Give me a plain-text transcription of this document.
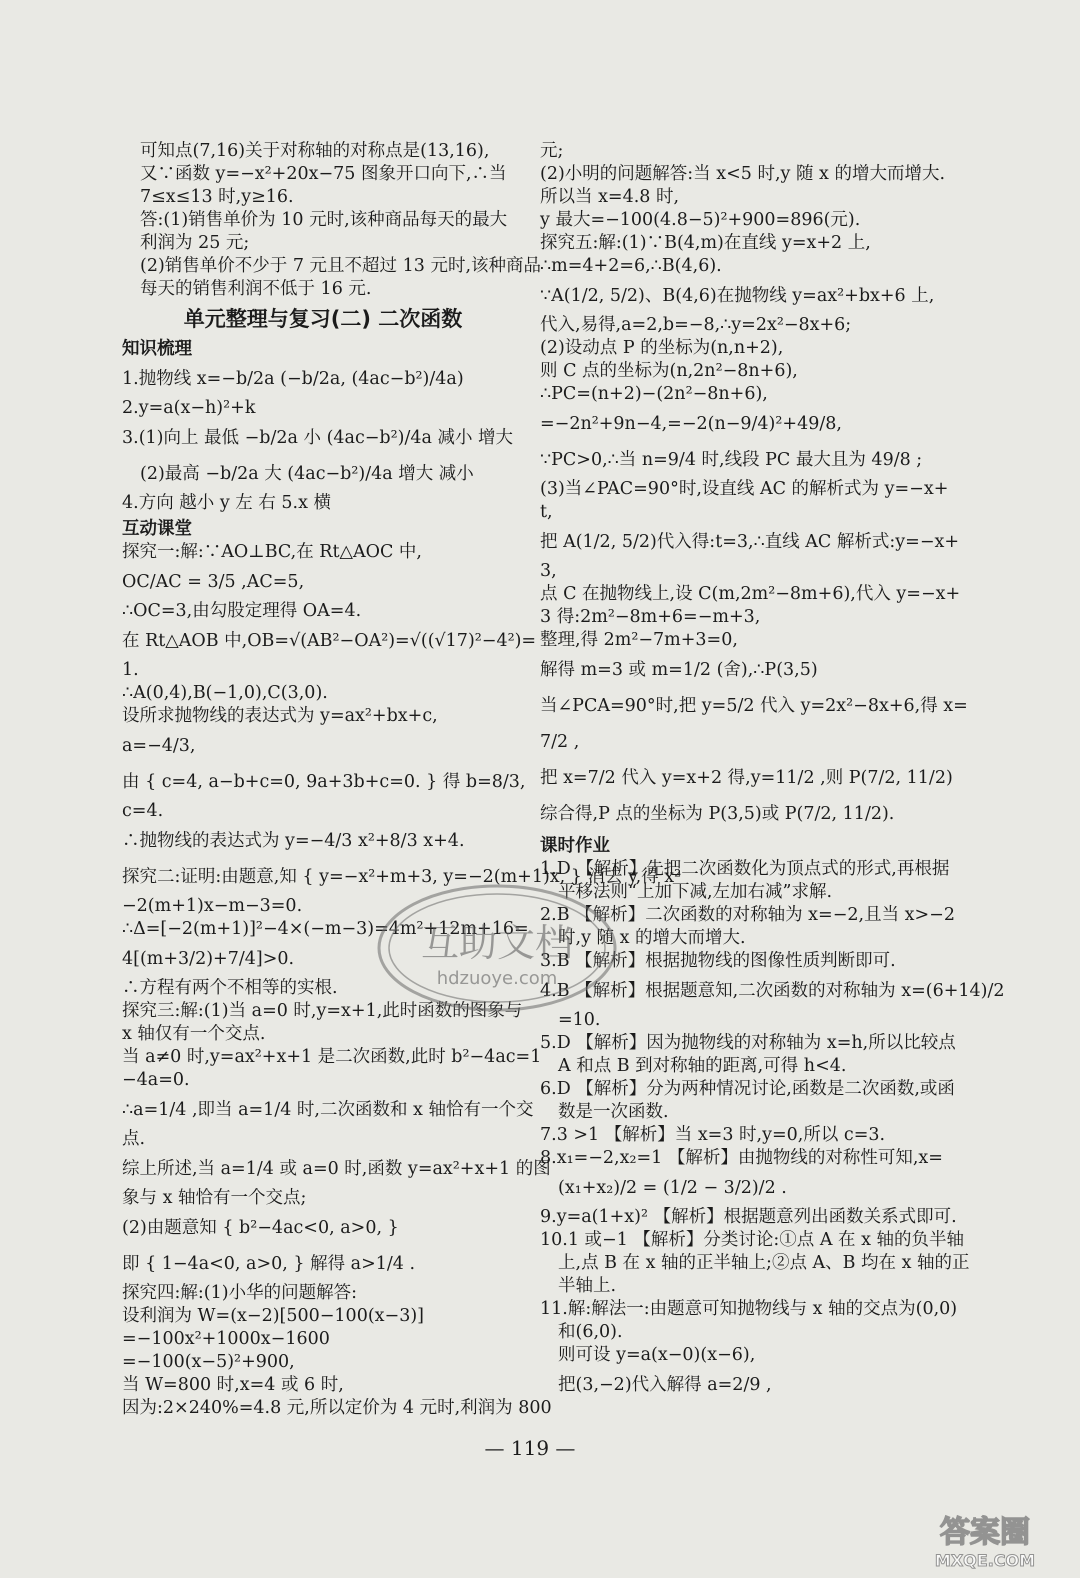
可知点(7,16)关于对称轴的对称点是(13,16),
又∵函数 y=−x²+20x−75 图象开口向下,∴当
7≤x≤13 时,y≥16.
答:(1)销售单价为 10 元时,该种商品每天的最大
利润为 25 元;
(2)销售单价不少于 7 元且不超过 13 元时,该种商品
每天的销售利润不低于 16 元.
单元整理与复习(二) 二次函数
知识梳理
1.抛物线 x=−b/2a (−b/2a, (4ac−b²)/4a)
2.y=a(x−h)²+k
3.(1)向上 最低 −b/2a 小 (4ac−b²)/4a 减小 增大
(2)最高 −b/2a 大 (4ac−b²)/4a 增大 减小
4.方向 越小 y 左 右 5.x 横
互动课堂
探究一:解:∵AO⊥BC,在 Rt△AOC 中,
OC/AC = 3/5 ,AC=5,
∴OC=3,由勾股定理得 OA=4.
在 Rt△AOB 中,OB=√(AB²−OA²)=√((√17)²−4²)=
1.
∴A(0,4),B(−1,0),C(3,0).
设所求抛物线的表达式为 y=ax²+bx+c,
a=−4/3,
由 { c=4, a−b+c=0, 9a+3b+c=0. } 得 b=8/3,
c=4.
∴抛物线的表达式为 y=−4/3 x²+8/3 x+4.
探究二:证明:由题意,知 { y=−x²+m+3, y=−2(m+1)x, } 消去 y,得 x²
−2(m+1)x−m−3=0.
∴Δ=[−2(m+1)]²−4×(−m−3)=4m²+12m+16=
4[(m+3/2)+7/4]>0.
∴方程有两个不相等的实根.
探究三:解:(1)当 a=0 时,y=x+1,此时函数的图象与
x 轴仅有一个交点.
当 a≠0 时,y=ax²+x+1 是二次函数,此时 b²−4ac=1
−4a=0.
∴a=1/4 ,即当 a=1/4 时,二次函数和 x 轴恰有一个交
点.
综上所述,当 a=1/4 或 a=0 时,函数 y=ax²+x+1 的图
象与 x 轴恰有一个交点;
(2)由题意知 { b²−4ac<0, a>0, }
即 { 1−4a<0, a>0, } 解得 a>1/4 .
探究四:解:(1)小华的问题解答:
设利润为 W=(x−2)[500−100(x−3)]
=−100x²+1000x−1600
=−100(x−5)²+900,
当 W=800 时,x=4 或 6 时,
因为:2×240%=4.8 元,所以定价为 4 元时,利润为 800
元;
(2)小明的问题解答:当 x<5 时,y 随 x 的增大而增大.
所以当 x=4.8 时,
y 最大=−100(4.8−5)²+900=896(元).
探究五:解:(1)∵B(4,m)在直线 y=x+2 上,
∴m=4+2=6,∴B(4,6).
∵A(1/2, 5/2)、B(4,6)在抛物线 y=ax²+bx+6 上,
代入,易得,a=2,b=−8,∴y=2x²−8x+6;
(2)设动点 P 的坐标为(n,n+2),
则 C 点的坐标为(n,2n²−8n+6),
∴PC=(n+2)−(2n²−8n+6),
=−2n²+9n−4,=−2(n−9/4)²+49/8,
∵PC>0,∴当 n=9/4 时,线段 PC 最大且为 49/8 ;
(3)当∠PAC=90°时,设直线 AC 的解析式为 y=−x+
t,
把 A(1/2, 5/2)代入得:t=3,∴直线 AC 解析式:y=−x+
3,
点 C 在抛物线上,设 C(m,2m²−8m+6),代入 y=−x+
3 得:2m²−8m+6=−m+3,
整理,得 2m²−7m+3=0,
解得 m=3 或 m=1/2 (舍),∴P(3,5)
当∠PCA=90°时,把 y=5/2 代入 y=2x²−8x+6,得 x=
7/2 ,
把 x=7/2 代入 y=x+2 得,y=11/2 ,则 P(7/2, 11/2)
综合得,P 点的坐标为 P(3,5)或 P(7/2, 11/2).
课时作业
1.D 【解析】先把二次函数化为顶点式的形式,再根据
平移法则“上加下减,左加右减”求解.
2.B 【解析】二次函数的对称轴为 x=−2,且当 x>−2
时,y 随 x 的增大而增大.
3.B 【解析】根据抛物线的图像性质判断即可.
4.B 【解析】根据题意知,二次函数的对称轴为 x=(6+14)/2
=10.
5.D 【解析】因为抛物线的对称轴为 x=h,所以比较点
A 和点 B 到对称轴的距离,可得 h<4.
6.D 【解析】分为两种情况讨论,函数是二次函数,或函
数是一次函数.
7.3 >1 【解析】当 x=3 时,y=0,所以 c=3.
8.x₁=−2,x₂=1 【解析】由抛物线的对称性可知,x=
(x₁+x₂)/2 = (1/2 − 3/2)/2 .
9.y=a(1+x)² 【解析】根据题意列出函数关系式即可.
10.1 或−1 【解析】分类讨论:①点 A 在 x 轴的负半轴
上,点 B 在 x 轴的正半轴上;②点 A、B 均在 x 轴的正
半轴上.
11.解:解法一:由题意可知抛物线与 x 轴的交点为(0,0)
和(6,0).
则可设 y=a(x−0)(x−6),
把(3,−2)代入解得 a=2/9 ,
— 119 —
互助文档
hdzuoye.com
答案圈
MXQE.COM
